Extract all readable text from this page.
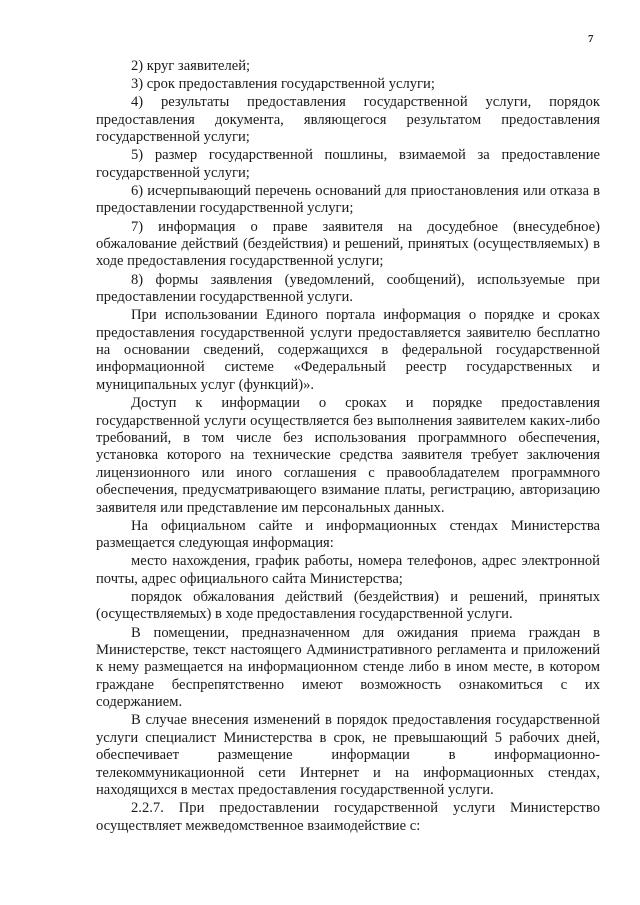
7

2) круг заявителей;

3) срок предоставления государственной услуги;

4) результаты предоставления государственной услуги, порядок предоставления документа, являющегося результатом предоставления государственной услуги;

5) размер государственной пошлины, взимаемой за предоставление государственной услуги;

6) исчерпывающий перечень оснований для приостановления или отказа в предоставлении государственной услуги;

7) информация о праве заявителя на досудебное (внесудебное) обжалование действий (бездействия) и решений, принятых (осуществляемых) в ходе предоставления государственной услуги;

8) формы заявления (уведомлений, сообщений), используемые при предоставлении государственной услуги.

При использовании Единого портала информация о порядке и сроках предоставления государственной услуги предоставляется заявителю бесплатно на основании сведений, содержащихся в федеральной государственной информационной системе «Федеральный реестр государственных и муниципальных услуг (функций)».

Доступ к информации о сроках и порядке предоставления государственной услуги осуществляется без выполнения заявителем каких-либо требований, в том числе без использования программного обеспечения, установка которого на технические средства заявителя требует заключения лицензионного или иного соглашения с правообладателем программного обеспечения, предусматривающего взимание платы, регистрацию, авторизацию заявителя или представление им персональных данных.

На официальном сайте и информационных стендах Министерства размещается следующая информация:

место нахождения, график работы, номера телефонов, адрес электронной почты, адрес официального сайта Министерства;

порядок обжалования действий (бездействия) и решений, принятых (осуществляемых) в ходе предоставления государственной услуги.

В помещении, предназначенном для ожидания приема граждан в Министерстве, текст настоящего Административного регламента и приложений к нему размещается на информационном стенде либо в ином месте, в котором граждане беспрепятственно имеют возможность ознакомиться с их содержанием.

В случае внесения изменений в порядок предоставления государственной услуги специалист Министерства в срок, не превышающий 5 рабочих дней, обеспечивает размещение информации в информационно-телекоммуникационной сети Интернет и на информационных стендах, находящихся в местах предоставления государственной услуги.

2.2.7. При предоставлении государственной услуги Министерство осуществляет межведомственное взаимодействие с:
